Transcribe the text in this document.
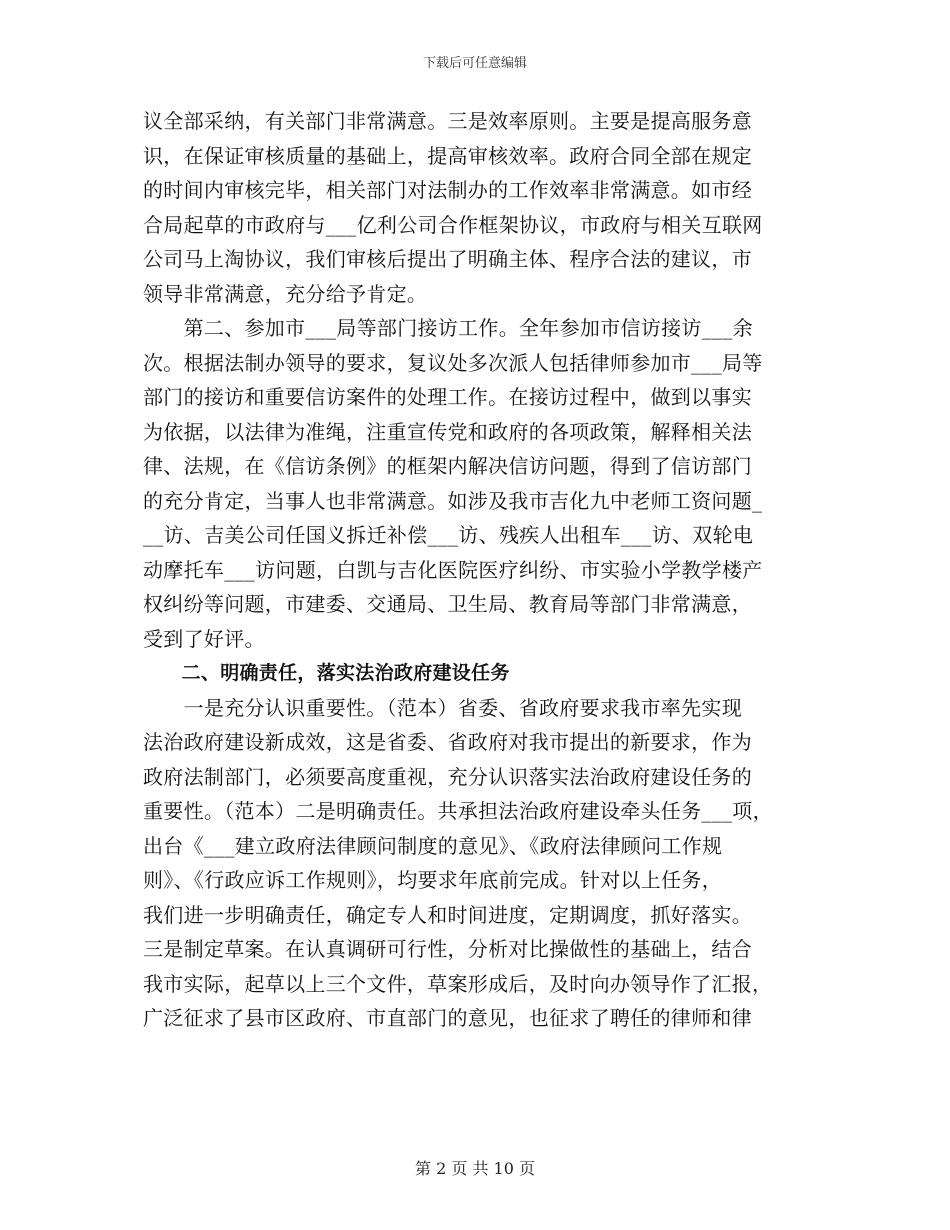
下载后可任意编辑
议全部采纳，有关部门非常满意。三是效率原则。主要是提高服务意
识，在保证审核质量的基础上，提高审核效率。政府合同全部在规定
的时间内审核完毕，相关部门对法制办的工作效率非常满意。如市经
合局起草的市政府与___亿利公司合作框架协议，市政府与相关互联网
公司马上淘协议，我们审核后提出了明确主体、程序合法的建议，市
领导非常满意，充分给予肯定。
　　第二、参加市___局等部门接访工作。全年参加市信访接访___余
次。根据法制办领导的要求，复议处多次派人包括律师参加市___局等
部门的接访和重要信访案件的处理工作。在接访过程中，做到以事实
为依据，以法律为准绳，注重宣传党和政府的各项政策，解释相关法
律、法规，在《信访条例》的框架内解决信访问题，得到了信访部门
的充分肯定，当事人也非常满意。如涉及我市吉化九中老师工资问题_
__访、吉美公司任国义拆迁补偿___访、残疾人出租车___访、双轮电
动摩托车___访问题，白凯与吉化医院医疗纠纷、市实验小学教学楼产
权纠纷等问题，市建委、交通局、卫生局、教育局等部门非常满意，
受到了好评。
　　二、明确责任，落实法治政府建设任务
　　一是充分认识重要性。（范本）省委、省政府要求我市率先实现
法治政府建设新成效，这是省委、省政府对我市提出的新要求，作为
政府法制部门，必须要高度重视，充分认识落实法治政府建设任务的
重要性。（范本）二是明确责任。共承担法治政府建设牵头任务___项，
出台《___建立政府法律顾问制度的意见》、《政府法律顾问工作规
则》、《行政应诉工作规则》，均要求年底前完成。针对以上任务，
我们进一步明确责任，确定专人和时间进度，定期调度，抓好落实。
三是制定草案。在认真调研可行性，分析对比操做性的基础上，结合
我市实际，起草以上三个文件，草案形成后，及时向办领导作了汇报，
广泛征求了县市区政府、市直部门的意见，也征求了聘任的律师和律
第 2 页 共 10 页
